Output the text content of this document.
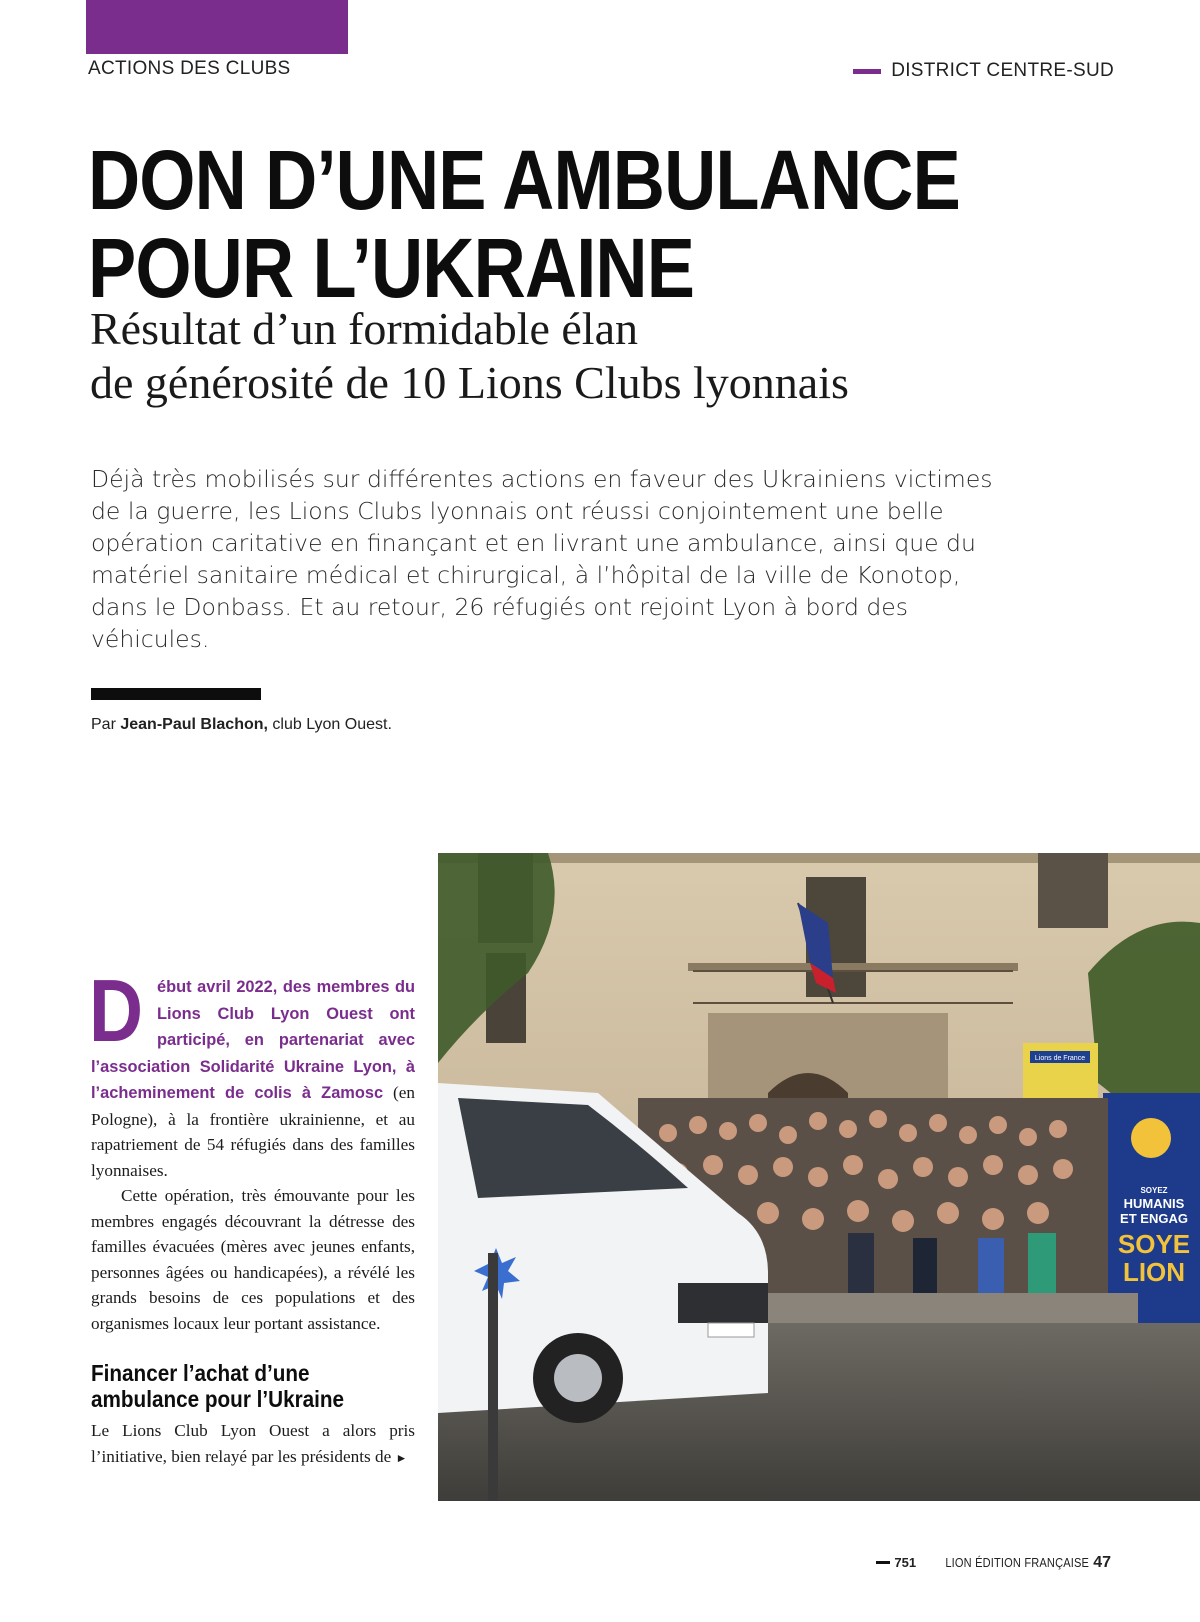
ACTIONS DES CLUBS	DISTRICT CENTRE-SUD
DON D’UNE AMBULANCE
POUR L’UKRAINE
Résultat d’un formidable élan
de générosité de 10 Lions Clubs lyonnais

Déjà très mobilisés sur différentes actions en faveur des Ukrainiens victimes de la guerre, les Lions Clubs lyonnais ont réussi conjointement une belle opération caritative en finançant et en livrant une ambulance, ainsi que du matériel sanitaire médical et chirurgical, à l’hôpital de la ville de Konotop, dans le Donbass. Et au retour, 26 réfugiés ont rejoint Lyon à bord des véhicules.

Par Jean-Paul Blachon, club Lyon Ouest.

D ébut avril 2022, des membres du Lions Club Lyon Ouest ont participé, en partenariat avec l’association Solidarité Ukraine Lyon, à l’acheminement de colis à Zamosc (en Pologne), à la frontière ukrainienne, et au rapatriement de 54 réfugiés dans des familles lyonnaises.

Cette opération, très émouvante pour les membres engagés découvrant la détresse des familles évacuées (mères avec jeunes enfants, personnes âgées ou handicapées), a révélé les grands besoins de ces populations et des organismes locaux leur portant assistance.

Financer l’achat d’une ambulance pour l’Ukraine

Le Lions Club Lyon Ouest a alors pris l’initiative, bien relayé par les présidents de ►

Lions de France
SOYEZ
HUMANIS
ET ENGAG
SOYE
LION
751 LION ÉDITION FRANÇAISE 47
